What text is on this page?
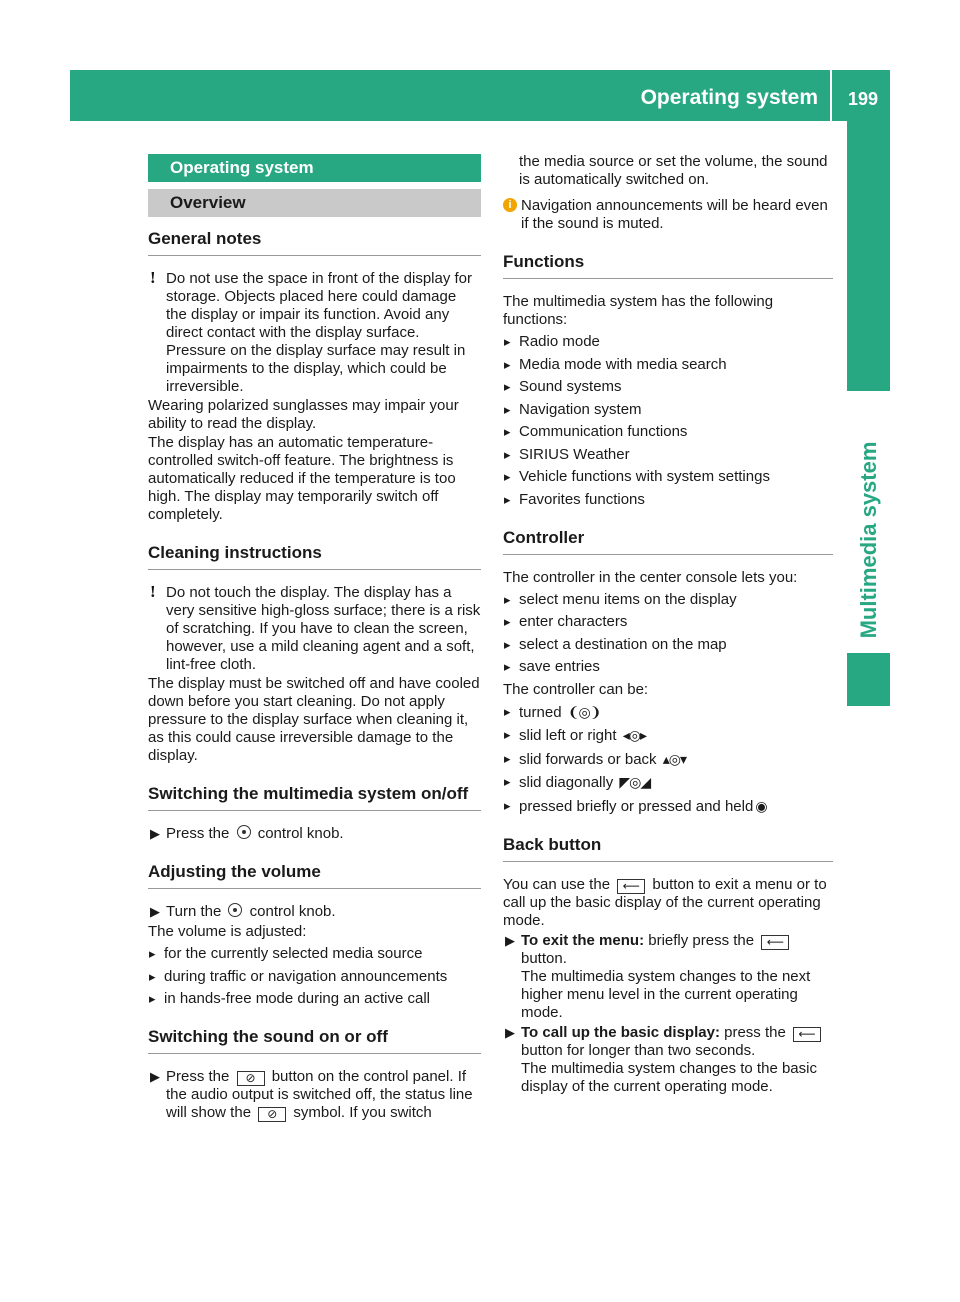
Operating system 199
Multimedia system
Operating system
Overview
General notes
! Do not use the space in front of the display for storage. Objects placed here could damage the display or impair its function. Avoid any direct contact with the display surface. Pressure on the display surface may result in impairments to the display, which could be irreversible.
Wearing polarized sunglasses may impair your ability to read the display.
The display has an automatic temperature-controlled switch-off feature. The brightness is automatically reduced if the temperature is too high. The display may temporarily switch off completely.
Cleaning instructions
! Do not touch the display. The display has a very sensitive high-gloss surface; there is a risk of scratching. If you have to clean the screen, however, use a mild cleaning agent and a soft, lint-free cloth.
The display must be switched off and have cooled down before you start cleaning. Do not apply pressure to the display surface when cleaning it, as this could cause irreversible damage to the display.
Switching the multimedia system on/off
▶ Press the control knob.
Adjusting the volume
▶ Turn the control knob.
The volume is adjusted:
▸ for the currently selected media source
▸ during traffic or navigation announcements
▸ in hands-free mode during an active call
Switching the sound on or off
▶ Press the ⊘ button on the control panel. If the audio output is switched off, the status line will show the ⊘ symbol. If you switch
the media source or set the volume, the sound is automatically switched on.
i Navigation announcements will be heard even if the sound is muted.
Functions
The multimedia system has the following functions:
▸ Radio mode
▸ Media mode with media search
▸ Sound systems
▸ Navigation system
▸ Communication functions
▸ SIRIUS Weather
▸ Vehicle functions with system settings
▸ Favorites functions
Controller
The controller in the center console lets you:
▸ select menu items on the display
▸ enter characters
▸ select a destination on the map
▸ save entries
The controller can be:
▸ turned ❨◎❩
▸ slid left or right ◂◎▸
▸ slid forwards or back ▴◎▾
▸ slid diagonally ◤◎◢
▸ pressed briefly or pressed and held ◉
Back button
You can use the ⟵ button to exit a menu or to call up the basic display of the current operating mode.
▶ To exit the menu: briefly press the ⟵
button.
The multimedia system changes to the next higher menu level in the current operating mode.
▶ To call up the basic display: press the ⟵
button for longer than two seconds.
The multimedia system changes to the basic display of the current operating mode.
